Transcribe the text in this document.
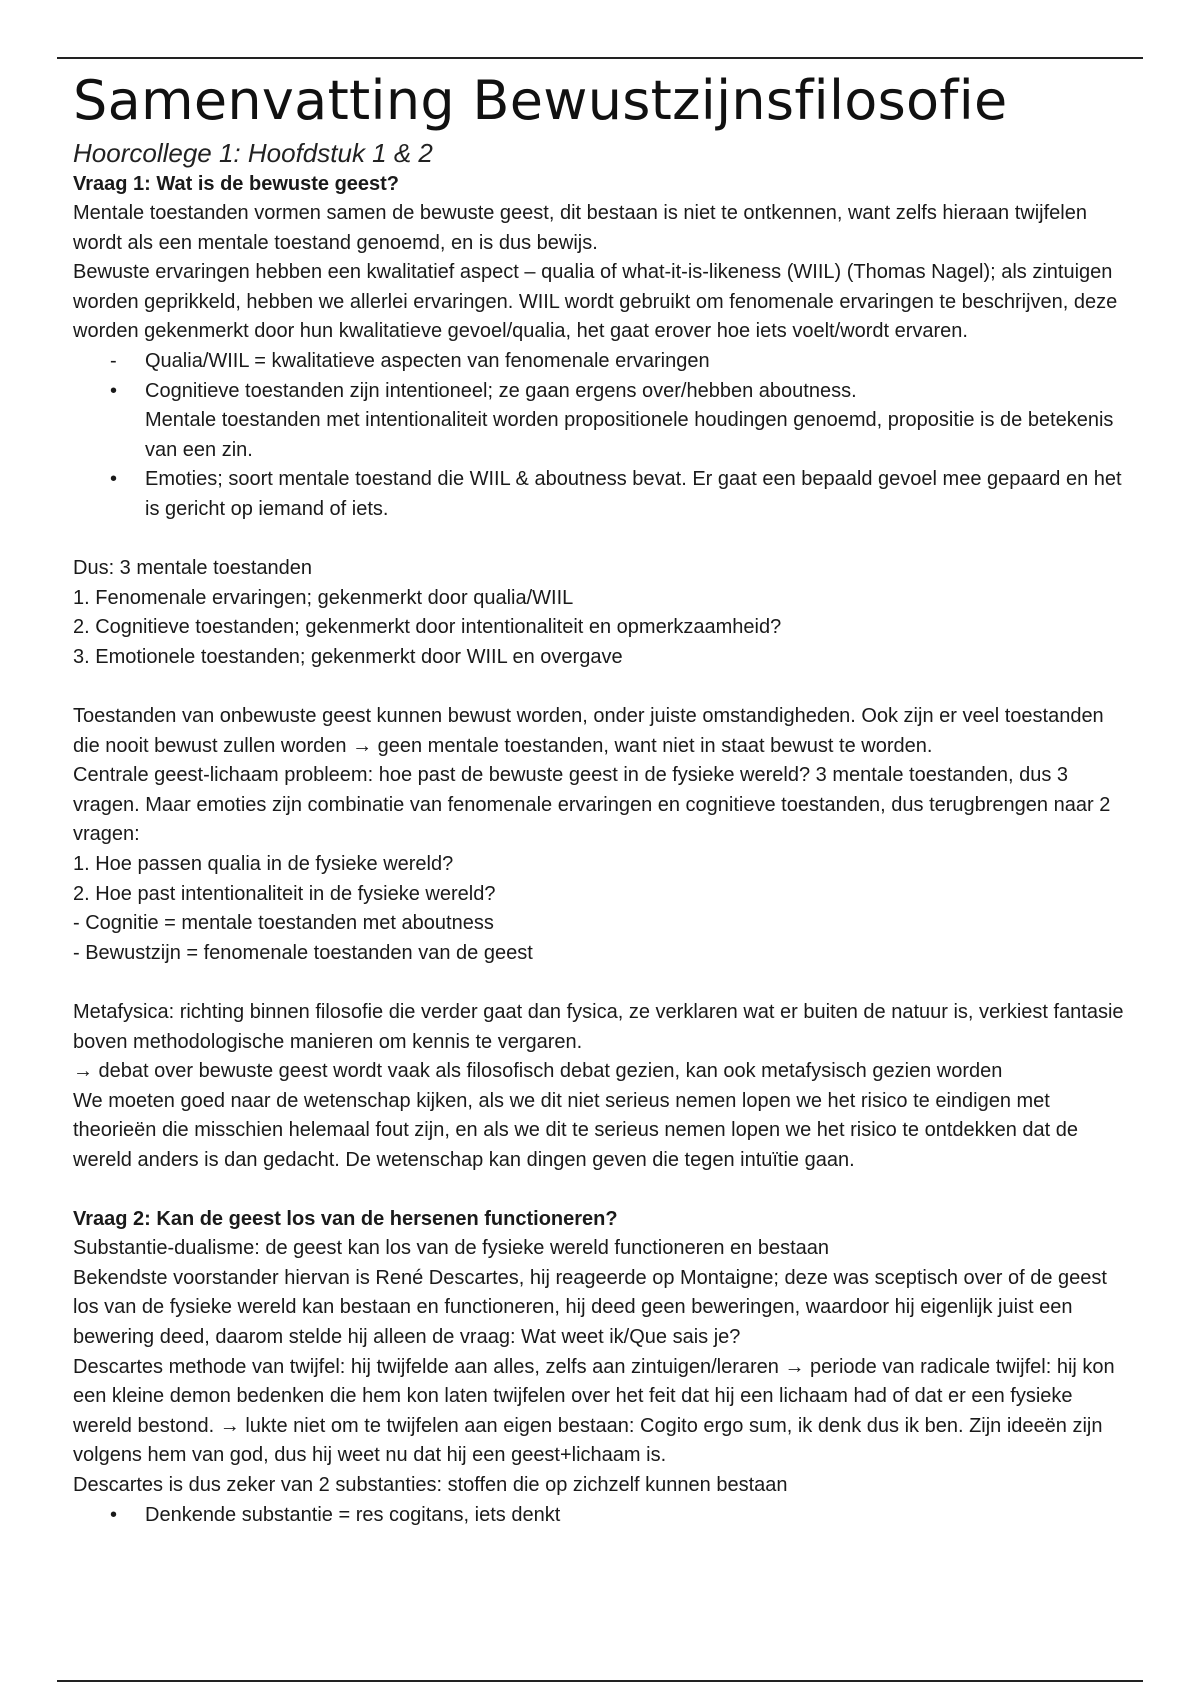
Samenvatting Bewustzijnsfilosofie
Hoorcollege 1: Hoofdstuk 1 & 2
Vraag 1: Wat is de bewuste geest?

Mentale toestanden vormen samen de bewuste geest, dit bestaan is niet te ontkennen, want zelfs hieraan twijfelen wordt als een mentale toestand genoemd, en is dus bewijs.

Bewuste ervaringen hebben een kwalitatief aspect – qualia of what-it-is-likeness (WIIL) (Thomas Nagel); als zintuigen worden geprikkeld, hebben we allerlei ervaringen. WIIL wordt gebruikt om fenomenale ervaringen te beschrijven, deze worden gekenmerkt door hun kwalitatieve gevoel/qualia, het gaat erover hoe iets voelt/wordt ervaren.

- Qualia/WIIL = kwalitatieve aspecten van fenomenale ervaringen
• Cognitieve toestanden zijn intentioneel; ze gaan ergens over/hebben aboutness.
Mentale toestanden met intentionaliteit worden propositionele houdingen genoemd, propositie is de betekenis van een zin.
• Emoties; soort mentale toestand die WIIL & aboutness bevat. Er gaat een bepaald gevoel mee gepaard en het is gericht op iemand of iets.

Dus: 3 mentale toestanden

1. Fenomenale ervaringen; gekenmerkt door qualia/WIIL

2. Cognitieve toestanden; gekenmerkt door intentionaliteit en opmerkzaamheid?

3. Emotionele toestanden; gekenmerkt door WIIL en overgave

Toestanden van onbewuste geest kunnen bewust worden, onder juiste omstandigheden. Ook zijn er veel toestanden die nooit bewust zullen worden → geen mentale toestanden, want niet in staat bewust te worden.

Centrale geest-lichaam probleem: hoe past de bewuste geest in de fysieke wereld? 3 mentale toestanden, dus 3 vragen. Maar emoties zijn combinatie van fenomenale ervaringen en cognitieve toestanden, dus terugbrengen naar 2 vragen:

1. Hoe passen qualia in de fysieke wereld?

2. Hoe past intentionaliteit in de fysieke wereld?

- Cognitie = mentale toestanden met aboutness

- Bewustzijn = fenomenale toestanden van de geest

Metafysica: richting binnen filosofie die verder gaat dan fysica, ze verklaren wat er buiten de natuur is, verkiest fantasie boven methodologische manieren om kennis te vergaren.

→ debat over bewuste geest wordt vaak als filosofisch debat gezien, kan ook metafysisch gezien worden

We moeten goed naar de wetenschap kijken, als we dit niet serieus nemen lopen we het risico te eindigen met theorieën die misschien helemaal fout zijn, en als we dit te serieus nemen lopen we het risico te ontdekken dat de wereld anders is dan gedacht. De wetenschap kan dingen geven die tegen intuïtie gaan.

Vraag 2: Kan de geest los van de hersenen functioneren?

Substantie-dualisme: de geest kan los van de fysieke wereld functioneren en bestaan

Bekendste voorstander hiervan is René Descartes, hij reageerde op Montaigne; deze was sceptisch over of de geest los van de fysieke wereld kan bestaan en functioneren, hij deed geen beweringen, waardoor hij eigenlijk juist een bewering deed, daarom stelde hij alleen de vraag: Wat weet ik/Que sais je?

Descartes methode van twijfel: hij twijfelde aan alles, zelfs aan zintuigen/leraren → periode van radicale twijfel: hij kon een kleine demon bedenken die hem kon laten twijfelen over het feit dat hij een lichaam had of dat er een fysieke wereld bestond. → lukte niet om te twijfelen aan eigen bestaan: Cogito ergo sum, ik denk dus ik ben. Zijn ideeën zijn volgens hem van god, dus hij weet nu dat hij een geest+lichaam is.

Descartes is dus zeker van 2 substanties: stoffen die op zichzelf kunnen bestaan

• Denkende substantie = res cogitans, iets denkt
